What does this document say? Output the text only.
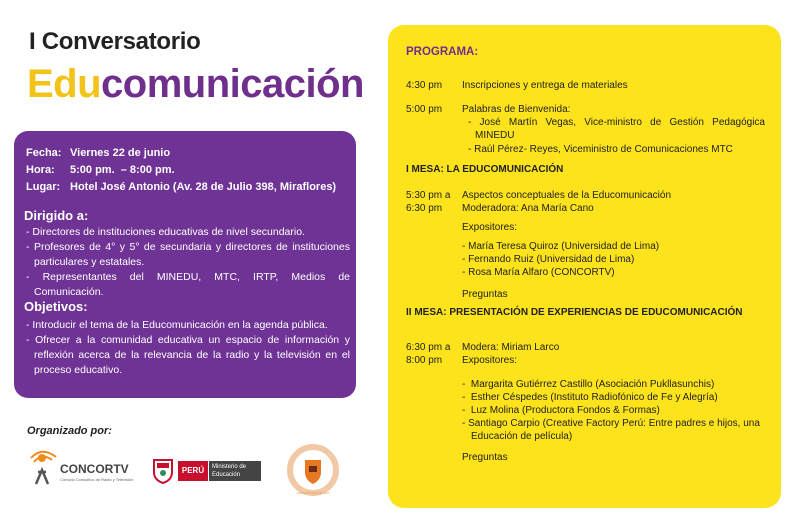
I Conversatorio
Educomunicación
Fecha: Viernes 22 de junio
Hora:	5:00 pm.  – 8:00 pm.
Lugar: Hotel José Antonio (Av. 28 de Julio 398, Miraflores)
Dirigido a:
- Directores de instituciones educativas de nivel secundario.
- Profesores de 4° y 5° de secundaria y directores de instituciones particulares y estatales.
- Representantes del MINEDU, MTC, IRTP, Medios de Comunicación.
Objetivos:
- Introducir el tema de la Educomunicación en la agenda pública.
- Ofrecer a la comunidad educativa un espacio de información y reflexión acerca de la relevancia de la radio y la televisión en el proceso educativo.
Organizado por:
CONCORTV
Consejo Consultivo de Radio y Televisión
PERÚ	Ministerio de Educación
UNIVERSIDAD DE LIMA
PROGRAMA:
4:30 pm	Inscripciones y entrega de materiales
5:00 pm	Palabras de Bienvenida:
- José Martín Vegas, Vice-ministro de Gestión Pedagógica MINEDU
- Raúl Pérez- Reyes, Viceministro de Comunicaciones MTC
I MESA: LA EDUCOMUNICACIÓN
5:30 pm a	Aspectos conceptuales de la Educomunicación
6:30 pm	Moderadora: Ana María Cano
Expositores:
- María Teresa Quiroz (Universidad de Lima)
- Fernando Ruiz (Universidad de Lima)
- Rosa María Alfaro (CONCORTV)
Preguntas
II MESA: PRESENTACIÓN DE EXPERIENCIAS DE EDUCOMUNICACIÓN
6:30 pm a	Modera: Miriam Larco
8:00 pm	Expositores:
-  Margarita Gutiérrez Castillo (Asociación Pukllasunchis)
-  Esther Céspedes (Instituto Radiofónico de Fe y Alegría)
-  Luz Molina (Productora Fondos & Formas)
- Santiago Carpio (Creative Factory Perú: Entre padres e hijos, una Educación de película)
Preguntas
